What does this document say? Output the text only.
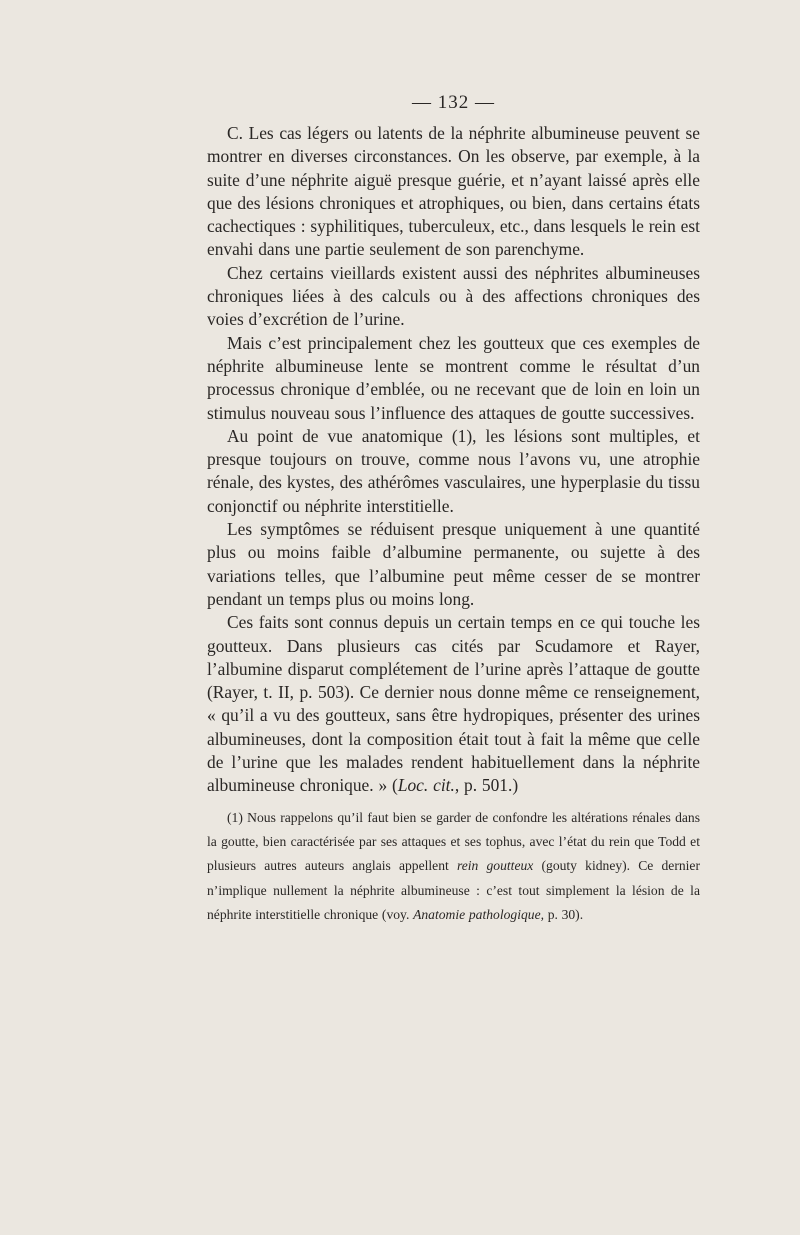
— 132 —

C. Les cas légers ou latents de la néphrite albumineuse peuvent se montrer en diverses circonstances. On les observe, par exemple, à la suite d’une néphrite aiguë presque guérie, et n’ayant laissé après elle que des lésions chroniques et atrophiques, ou bien, dans certains états cachectiques : syphilitiques, tuberculeux, etc., dans lesquels le rein est envahi dans une partie seulement de son parenchyme.

Chez certains vieillards existent aussi des néphrites albumineuses chroniques liées à des calculs ou à des affections chroniques des voies d’excrétion de l’urine.

Mais c’est principalement chez les goutteux que ces exemples de néphrite albumineuse lente se montrent comme le résultat d’un processus chronique d’emblée, ou ne recevant que de loin en loin un stimulus nouveau sous l’influence des attaques de goutte successives.

Au point de vue anatomique (1), les lésions sont multiples, et presque toujours on trouve, comme nous l’avons vu, une atrophie rénale, des kystes, des athérômes vasculaires, une hyperplasie du tissu conjonctif ou néphrite interstitielle.

Les symptômes se réduisent presque uniquement à une quantité plus ou moins faible d’albumine permanente, ou sujette à des variations telles, que l’albumine peut même cesser de se montrer pendant un temps plus ou moins long.

Ces faits sont connus depuis un certain temps en ce qui touche les goutteux. Dans plusieurs cas cités par Scudamore et Rayer, l’albumine disparut complétement de l’urine après l’attaque de goutte (Rayer, t. II, p. 503). Ce dernier nous donne même ce renseignement, « qu’il a vu des goutteux, sans être hydropiques, présenter des urines albumineuses, dont la composition était tout à fait la même que celle de l’urine que les malades rendent habituellement dans la néphrite albumineuse chronique. » (Loc. cit., p. 501.)

(1) Nous rappelons qu’il faut bien se garder de confondre les altérations rénales dans la goutte, bien caractérisée par ses attaques et ses tophus, avec l’état du rein que Todd et plusieurs autres auteurs anglais appellent rein goutteux (gouty kidney). Ce dernier n’implique nullement la néphrite albumineuse : c’est tout simplement la lésion de la néphrite interstitielle chronique (voy. Anatomie pathologique, p. 30).
